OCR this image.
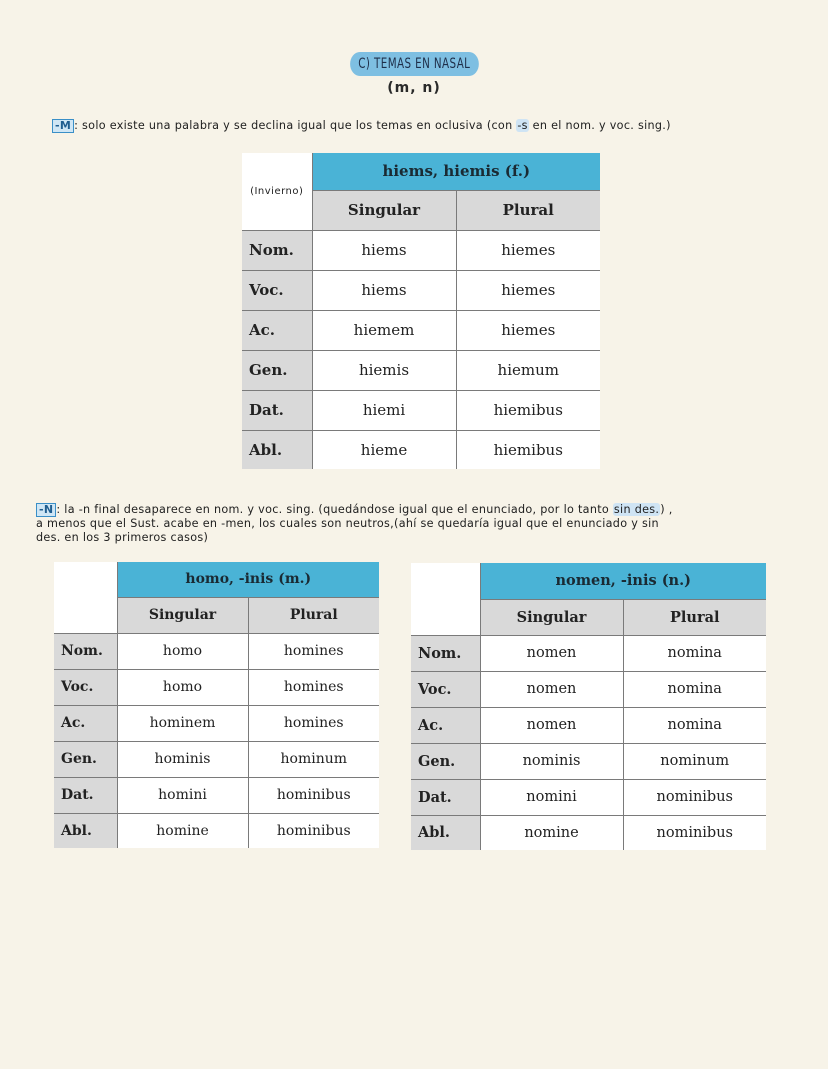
C) TEMAS EN NASAL
(m, n)
-M : solo existe una palabra y se declina igual que los temas en oclusiva (con -s en el nom. y voc. sing.)
(Invierno)	hiems, hiemis (f.)	
	Singular	Plural
Nom.	hiems	hiemes
Voc.	hiems	hiemes
Ac.	hiemem	hiemes
Gen.	hiemis	hiemum
Dat.	hiemi	hiemibus
Abl.	hieme	hiemibus
-N : la -n final desaparece en nom. y voc. sing. (quedándose igual que el enunciado, por lo tanto sin des.) ,
a menos que el Sust. acabe en -men, los cuales son neutros,(ahí se quedaría igual que el enunciado y sin
des. en los 3 primeros casos)
	homo, -inis (m.)	
	Singular	Plural
Nom.	homo	homines
Voc.	homo	homines
Ac.	hominem	homines
Gen.	hominis	hominum
Dat.	homini	hominibus
Abl.	homine	hominibus
	nomen, -inis (n.)	
	Singular	Plural
Nom.	nomen	nomina
Voc.	nomen	nomina
Ac.	nomen	nomina
Gen.	nominis	nominum
Dat.	nomini	nominibus
Abl.	nomine	nominibus
